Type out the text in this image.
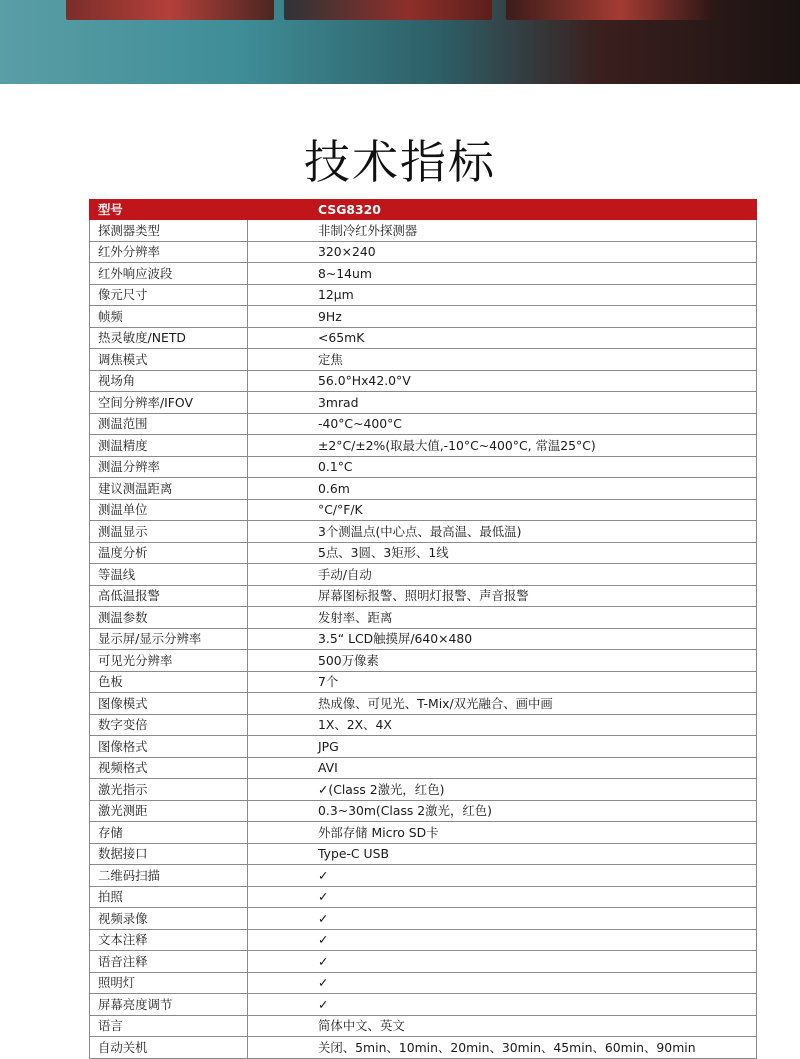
技术指标
型号	CSG8320
探测器类型	非制冷红外探测器
红外分辨率	320×240
红外响应波段	8~14um
像元尺寸	12μm
帧频	9Hz
热灵敏度/NETD	<65mK
调焦模式	定焦
视场角	56.0°Hx42.0°V
空间分辨率/IFOV	3mrad
测温范围	-40°C~400°C
测温精度	±2°C/±2%(取最大值,-10°C~400°C, 常温25°C)
测温分辨率	0.1°C
建议测温距离	0.6m
测温单位	°C/°F/K
测温显示	3个测温点(中心点、最高温、最低温)
温度分析	5点、3圆、3矩形、1线
等温线	手动/自动
高低温报警	屏幕图标报警、照明灯报警、声音报警
测温参数	发射率、距离
显示屏/显示分辨率	3.5“ LCD触摸屏/640×480
可见光分辨率	500万像素
色板	7个
图像模式	热成像、可见光、T-Mix/双光融合、画中画
数字变倍	1X、2X、4X
图像格式	JPG
视频格式	AVI
激光指示	✓(Class 2激光，红色)
激光测距	0.3~30m(Class 2激光，红色)
存储	外部存储 Micro SD卡
数据接口	Type-C USB
二维码扫描	✓
拍照	✓
视频录像	✓
文本注释	✓
语音注释	✓
照明灯	✓
屏幕亮度调节	✓
语言	简体中文、英文
自动关机	关闭、5min、10min、20min、30min、45min、60min、90min
